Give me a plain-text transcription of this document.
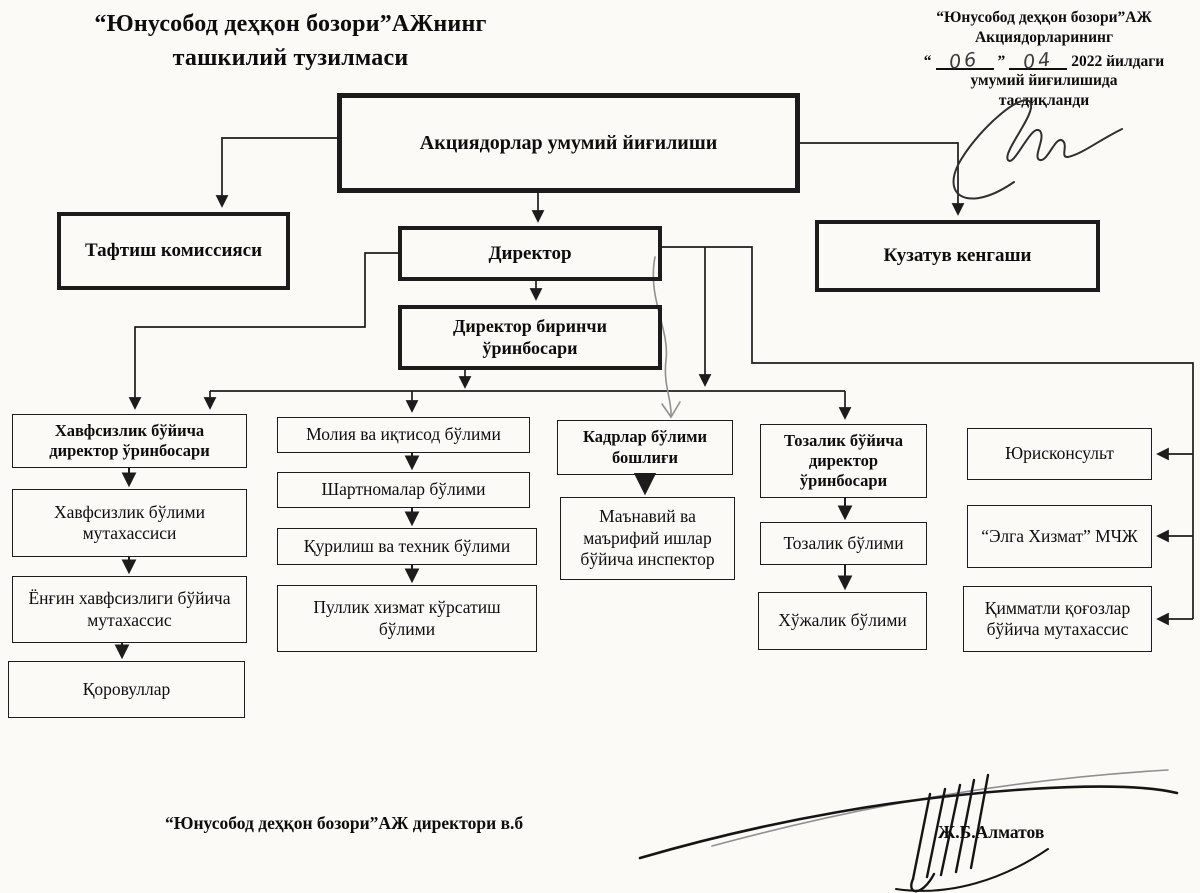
“Юнусобод деҳқон бозори”АЖнинг
ташкилий тузилмаси
“Юнусобод деҳқон бозори”АЖ
Акциядорларининг
“ 06 ” 04 2022 йилдаги
умумий йиғилишида
тасдиқланди
Акциядорлар умумий йиғилиши
Тафтиш комиссияси	Директор	Кузатув кенгаши
Директор биринчи ўринбосари
Хавфсизлик бўйича директор ўринбосари
Хавфсизлик бўлими мутахассиси
Ёнғин хавфсизлиги бўйича мутахассис
Қоровуллар
Молия ва иқтисод бўлими
Шартномалар бўлими
Қурилиш ва техник бўлими
Пуллик хизмат кўрсатиш бўлими
Кадрлар бўлими бошлиғи
Маънавий ва маърифий ишлар бўйича инспектор
Тозалик бўйича директор ўринбосари
Тозалик бўлими
Хўжалик бўлими
Юрисконсульт
“Элга Хизмат” МЧЖ
Қимматли қоғозлар бўйича мутахассис
“Юнусобод деҳқон бозори”АЖ директори в.б	Ж.Б.Алматов
